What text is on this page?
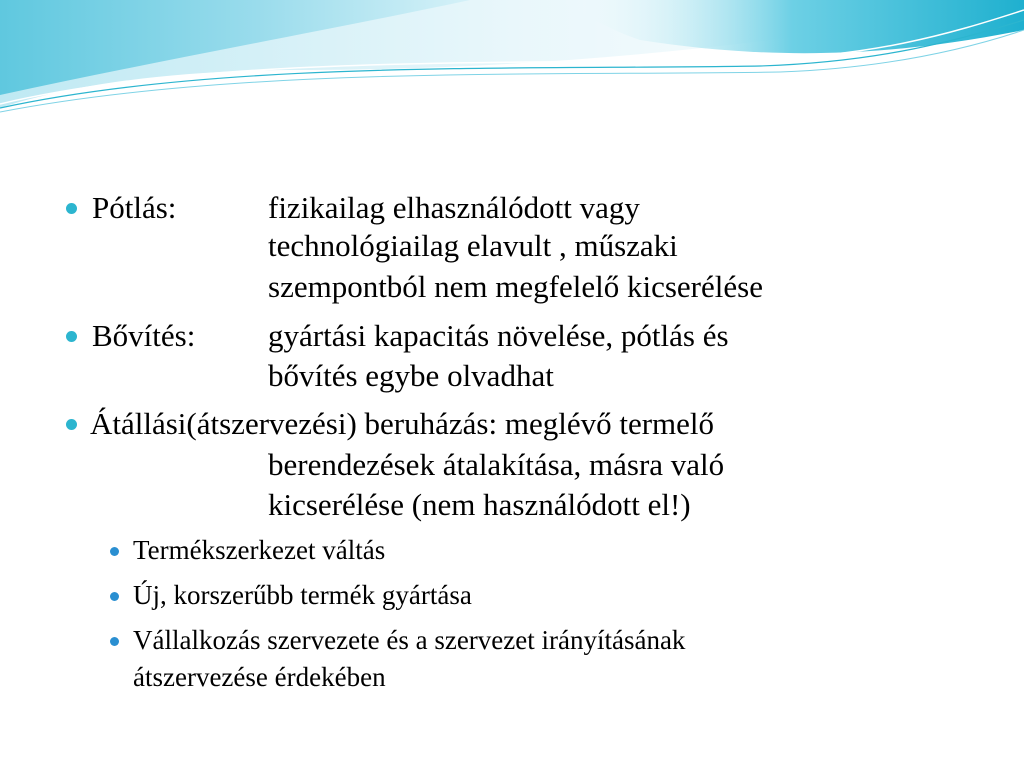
Pótlás:	fizikailag elhasználódott vagy
technológiailag elavult , műszaki
szempontból nem megfelelő kicserélése
Bővítés: gyártási kapacitás növelése, pótlás és
bővítés egybe olvadhat
Átállási(átszervezési) beruházás: meglévő termelő
berendezések átalakítása, másra való
kicserélése (nem használódott el!)
Termékszerkezet váltás
Új, korszerűbb termék gyártása
Vállalkozás szervezete és a szervezet irányításának
átszervezése érdekében
